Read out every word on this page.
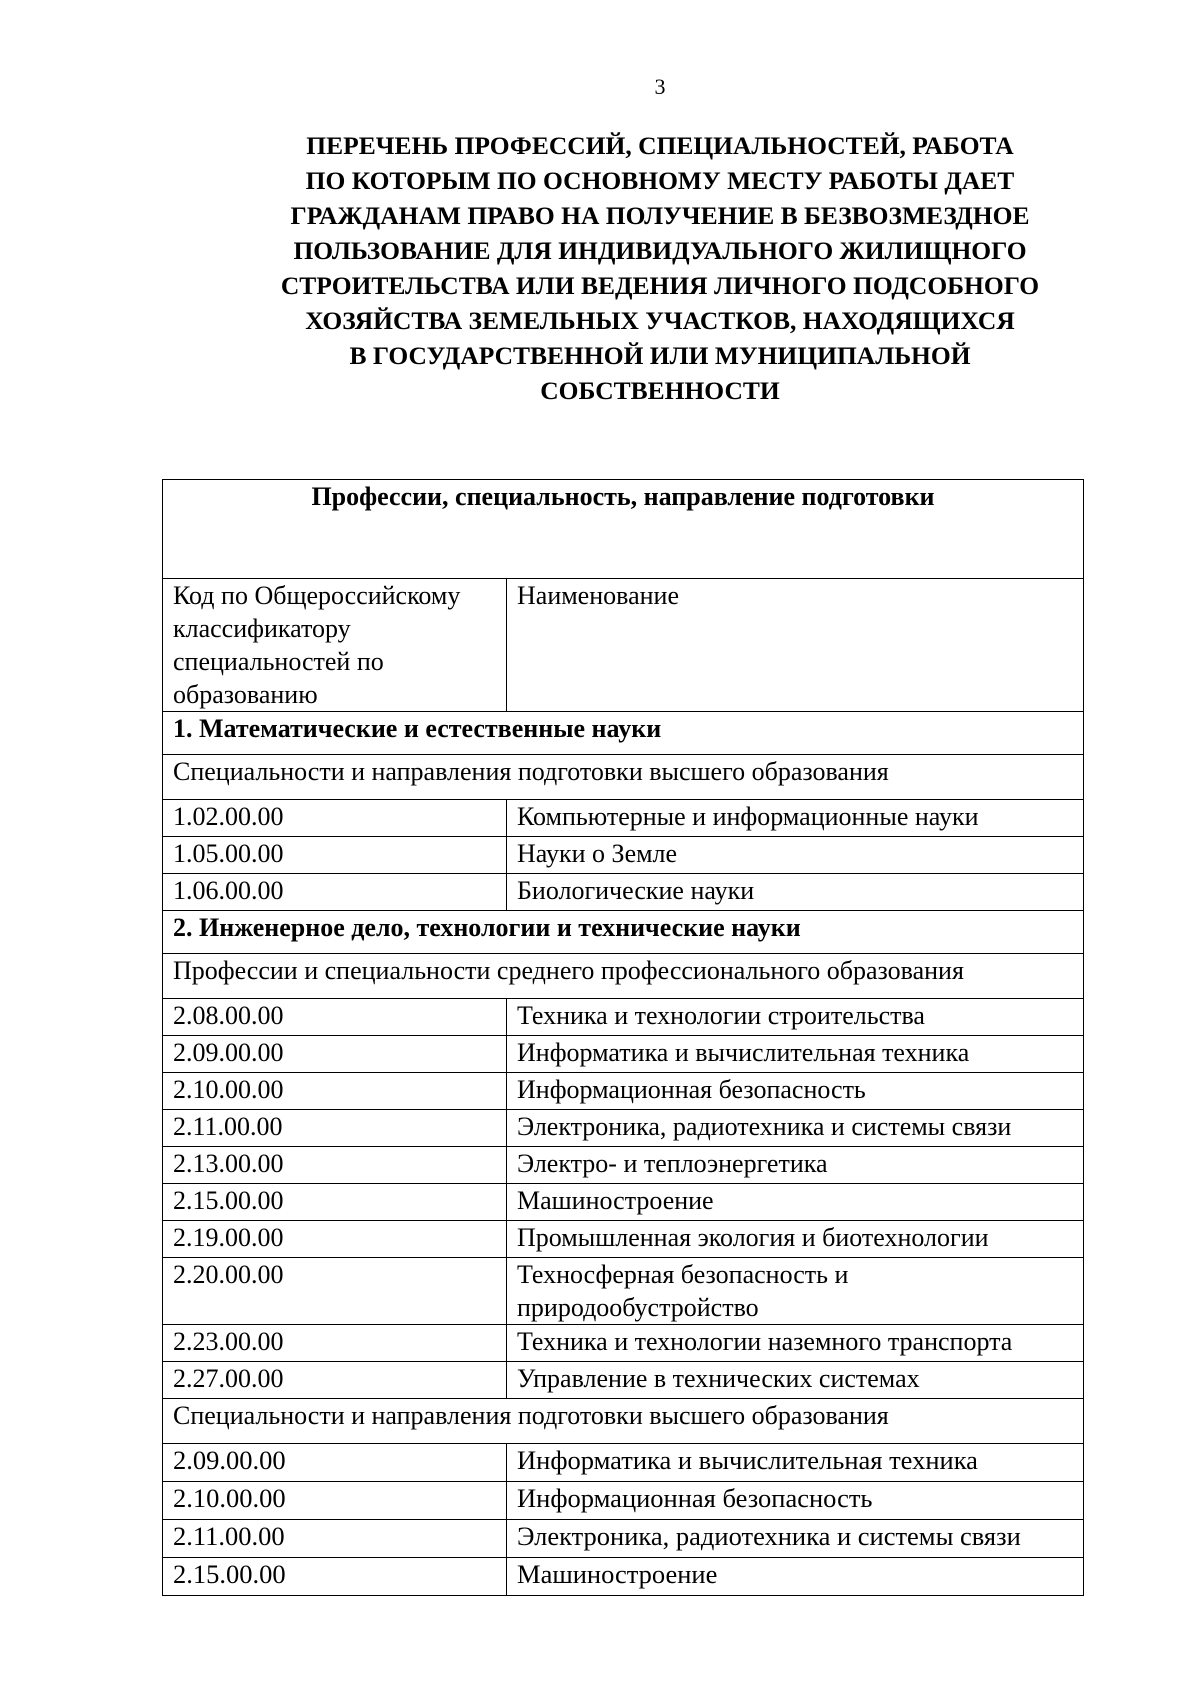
3
ПЕРЕЧЕНЬ ПРОФЕССИЙ, СПЕЦИАЛЬНОСТЕЙ, РАБОТА
ПО КОТОРЫМ ПО ОСНОВНОМУ МЕСТУ РАБОТЫ ДАЕТ
ГРАЖДАНАМ ПРАВО НА ПОЛУЧЕНИЕ В БЕЗВОЗМЕЗДНОЕ
ПОЛЬЗОВАНИЕ ДЛЯ ИНДИВИДУАЛЬНОГО ЖИЛИЩНОГО
СТРОИТЕЛЬСТВА ИЛИ ВЕДЕНИЯ ЛИЧНОГО ПОДСОБНОГО
ХОЗЯЙСТВА ЗЕМЕЛЬНЫХ УЧАСТКОВ, НАХОДЯЩИХСЯ
В ГОСУДАРСТВЕННОЙ ИЛИ МУНИЦИПАЛЬНОЙ
СОБСТВЕННОСТИ
Профессии, специальность, направление подготовки	
Код по Общероссийскому классификатору специальностей по образованию	Наименование
1. Математические и естественные науки	
Специальности и направления подготовки высшего образования	
1.02.00.00	Компьютерные и информационные науки
1.05.00.00	Науки о Земле
1.06.00.00	Биологические науки
2. Инженерное дело, технологии и технические науки	
Профессии и специальности среднего профессионального образования	
2.08.00.00	Техника и технологии строительства
2.09.00.00	Информатика и вычислительная техника
2.10.00.00	Информационная безопасность
2.11.00.00	Электроника, радиотехника и системы связи
2.13.00.00	Электро- и теплоэнергетика
2.15.00.00	Машиностроение
2.19.00.00	Промышленная экология и биотехнологии
2.20.00.00	Техносферная безопасность и природообустройство
2.23.00.00	Техника и технологии наземного транспорта
2.27.00.00	Управление в технических системах
Специальности и направления подготовки высшего образования	
2.09.00.00	Информатика и вычислительная техника
2.10.00.00	Информационная безопасность
2.11.00.00	Электроника, радиотехника и системы связи
2.15.00.00	Машиностроение
